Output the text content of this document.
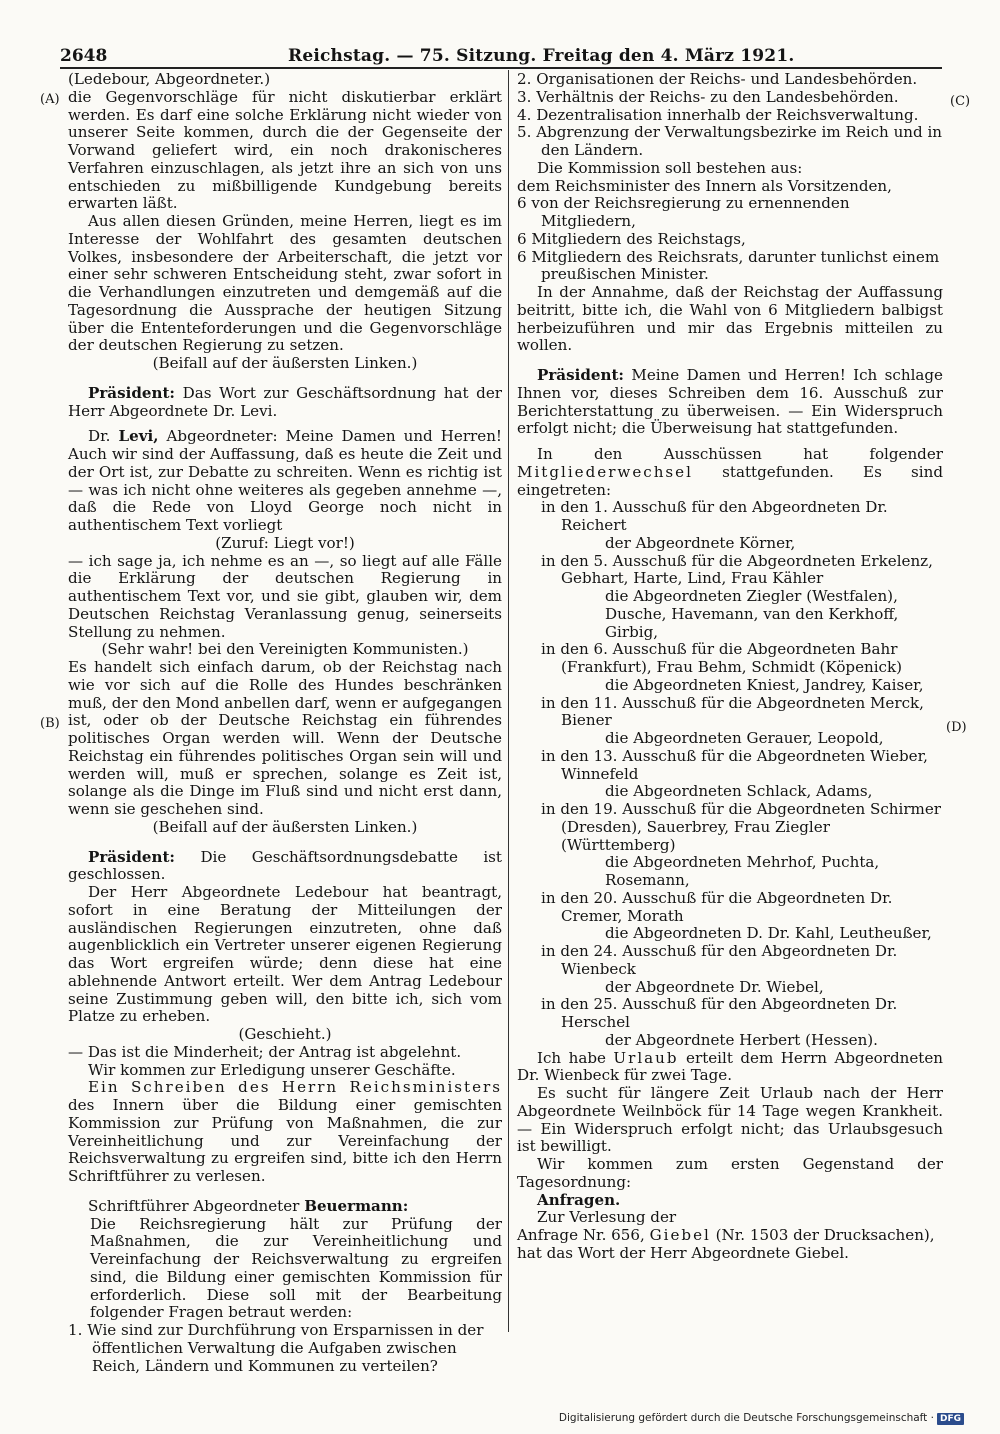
2648	Reichstag. — 75. Sitzung. Freitag den 4. März 1921.
(A)
(B)
(C)
(D)

(Ledebour, Abgeordneter.)

die Gegenvorschläge für nicht diskutierbar erklärt werden. Es darf eine solche Erklärung nicht wieder von unserer Seite kommen, durch die der Gegenseite der Vorwand geliefert wird, ein noch drakonischeres Verfahren einzuschlagen, als jetzt ihre an sich von uns entschieden zu mißbilligende Kundgebung bereits erwarten läßt.

Aus allen diesen Gründen, meine Herren, liegt es im Interesse der Wohlfahrt des gesamten deutschen Volkes, insbesondere der Arbeiterschaft, die jetzt vor einer sehr schweren Entscheidung steht, zwar sofort in die Verhandlungen einzutreten und demgemäß auf die Tagesordnung die Aussprache der heutigen Sitzung über die Ententeforderungen und die Gegenvorschläge der deutschen Regierung zu setzen.

(Beifall auf der äußersten Linken.)

Präsident: Das Wort zur Geschäftsordnung hat der Herr Abgeordnete Dr. Levi.

Dr. Levi, Abgeordneter: Meine Damen und Herren! Auch wir sind der Auffassung, daß es heute die Zeit und der Ort ist, zur Debatte zu schreiten. Wenn es richtig ist — was ich nicht ohne weiteres als gegeben annehme —, daß die Rede von Lloyd George noch nicht in authentischem Text vorliegt

(Zuruf: Liegt vor!)

— ich sage ja, ich nehme es an —, so liegt auf alle Fälle die Erklärung der deutschen Regierung in authentischem Text vor, und sie gibt, glauben wir, dem Deutschen Reichstag Veranlassung genug, seinerseits Stellung zu nehmen.

(Sehr wahr! bei den Vereinigten Kommunisten.)

Es handelt sich einfach darum, ob der Reichstag nach wie vor sich auf die Rolle des Hundes beschränken muß, der den Mond anbellen darf, wenn er aufgegangen ist, oder ob der Deutsche Reichstag ein führendes politisches Organ werden will. Wenn der Deutsche Reichstag ein führendes politisches Organ sein will und werden will, muß er sprechen, solange es Zeit ist, solange als die Dinge im Fluß sind und nicht erst dann, wenn sie geschehen sind.

(Beifall auf der äußersten Linken.)

Präsident: Die Geschäftsordnungsdebatte ist geschlossen.

Der Herr Abgeordnete Ledebour hat beantragt, sofort in eine Beratung der Mitteilungen der ausländischen Regierungen einzutreten, ohne daß augenblicklich ein Vertreter unserer eigenen Regierung das Wort ergreifen würde; denn diese hat eine ablehnende Antwort erteilt. Wer dem Antrag Ledebour seine Zustimmung geben will, den bitte ich, sich vom Platze zu erheben.

(Geschieht.)

— Das ist die Minderheit; der Antrag ist abgelehnt.

Wir kommen zur Erledigung unserer Geschäfte.

Ein Schreiben des Herrn Reichsministers des Innern über die Bildung einer gemischten Kommission zur Prüfung von Maßnahmen, die zur Vereinheitlichung und zur Vereinfachung der Reichsverwaltung zu ergreifen sind, bitte ich den Herrn Schriftführer zu verlesen.

Schriftführer Abgeordneter Beuermann:

Die Reichsregierung hält zur Prüfung der Maßnahmen, die zur Vereinheitlichung und Vereinfachung der Reichsverwaltung zu ergreifen sind, die Bildung einer gemischten Kommission für erforderlich. Diese soll mit der Bearbeitung folgender Fragen betraut werden:

1. Wie sind zur Durchführung von Ersparnissen in der öffentlichen Verwaltung die Aufgaben zwischen Reich, Ländern und Kommunen zu verteilen?

2. Organisationen der Reichs- und Landesbehörden.

3. Verhältnis der Reichs- zu den Landesbehörden.

4. Dezentralisation innerhalb der Reichsverwaltung.

5. Abgrenzung der Verwaltungsbezirke im Reich und in den Ländern.

Die Kommission soll bestehen aus:

dem Reichsminister des Innern als Vorsitzenden,

6 von der Reichsregierung zu ernennenden Mitgliedern,

6 Mitgliedern des Reichstags,

6 Mitgliedern des Reichsrats, darunter tunlichst einem preußischen Minister.

In der Annahme, daß der Reichstag der Auffassung beitritt, bitte ich, die Wahl von 6 Mitgliedern balbigst herbeizuführen und mir das Ergebnis mitteilen zu wollen.

Präsident: Meine Damen und Herren! Ich schlage Ihnen vor, dieses Schreiben dem 16. Ausschuß zur Berichterstattung zu überweisen. — Ein Widerspruch erfolgt nicht; die Überweisung hat stattgefunden.

In den Ausschüssen hat folgender Mitgliederwechsel stattgefunden. Es sind eingetreten:

in den 1. Ausschuß für den Abgeordneten Dr. Reichert

der Abgeordnete Körner,

in den 5. Ausschuß für die Abgeordneten Erkelenz, Gebhart, Harte, Lind, Frau Kähler

die Abgeordneten Ziegler (Westfalen), Dusche, Havemann, van den Kerkhoff, Girbig,

in den 6. Ausschuß für die Abgeordneten Bahr (Frankfurt), Frau Behm, Schmidt (Köpenick)

die Abgeordneten Kniest, Jandrey, Kaiser,

in den 11. Ausschuß für die Abgeordneten Merck, Biener

die Abgeordneten Gerauer, Leopold,

in den 13. Ausschuß für die Abgeordneten Wieber, Winnefeld

die Abgeordneten Schlack, Adams,

in den 19. Ausschuß für die Abgeordneten Schirmer (Dresden), Sauerbrey, Frau Ziegler (Württemberg)

die Abgeordneten Mehrhof, Puchta, Rosemann,

in den 20. Ausschuß für die Abgeordneten Dr. Cremer, Morath

die Abgeordneten D. Dr. Kahl, Leutheußer,

in den 24. Ausschuß für den Abgeordneten Dr. Wienbeck

der Abgeordnete Dr. Wiebel,

in den 25. Ausschuß für den Abgeordneten Dr. Herschel

der Abgeordnete Herbert (Hessen).

Ich habe Urlaub erteilt dem Herrn Abgeordneten Dr. Wienbeck für zwei Tage.

Es sucht für längere Zeit Urlaub nach der Herr Abgeordnete Weilnböck für 14 Tage wegen Krankheit. — Ein Widerspruch erfolgt nicht; das Urlaubsgesuch ist bewilligt.

Wir kommen zum ersten Gegenstand der Tagesordnung:

Anfragen.

Zur Verlesung der

Anfrage Nr. 656, Giebel (Nr. 1503 der Drucksachen),

hat das Wort der Herr Abgeordnete Giebel.

Digitalisierung gefördert durch die Deutsche Forschungsgemeinschaft · DFG
